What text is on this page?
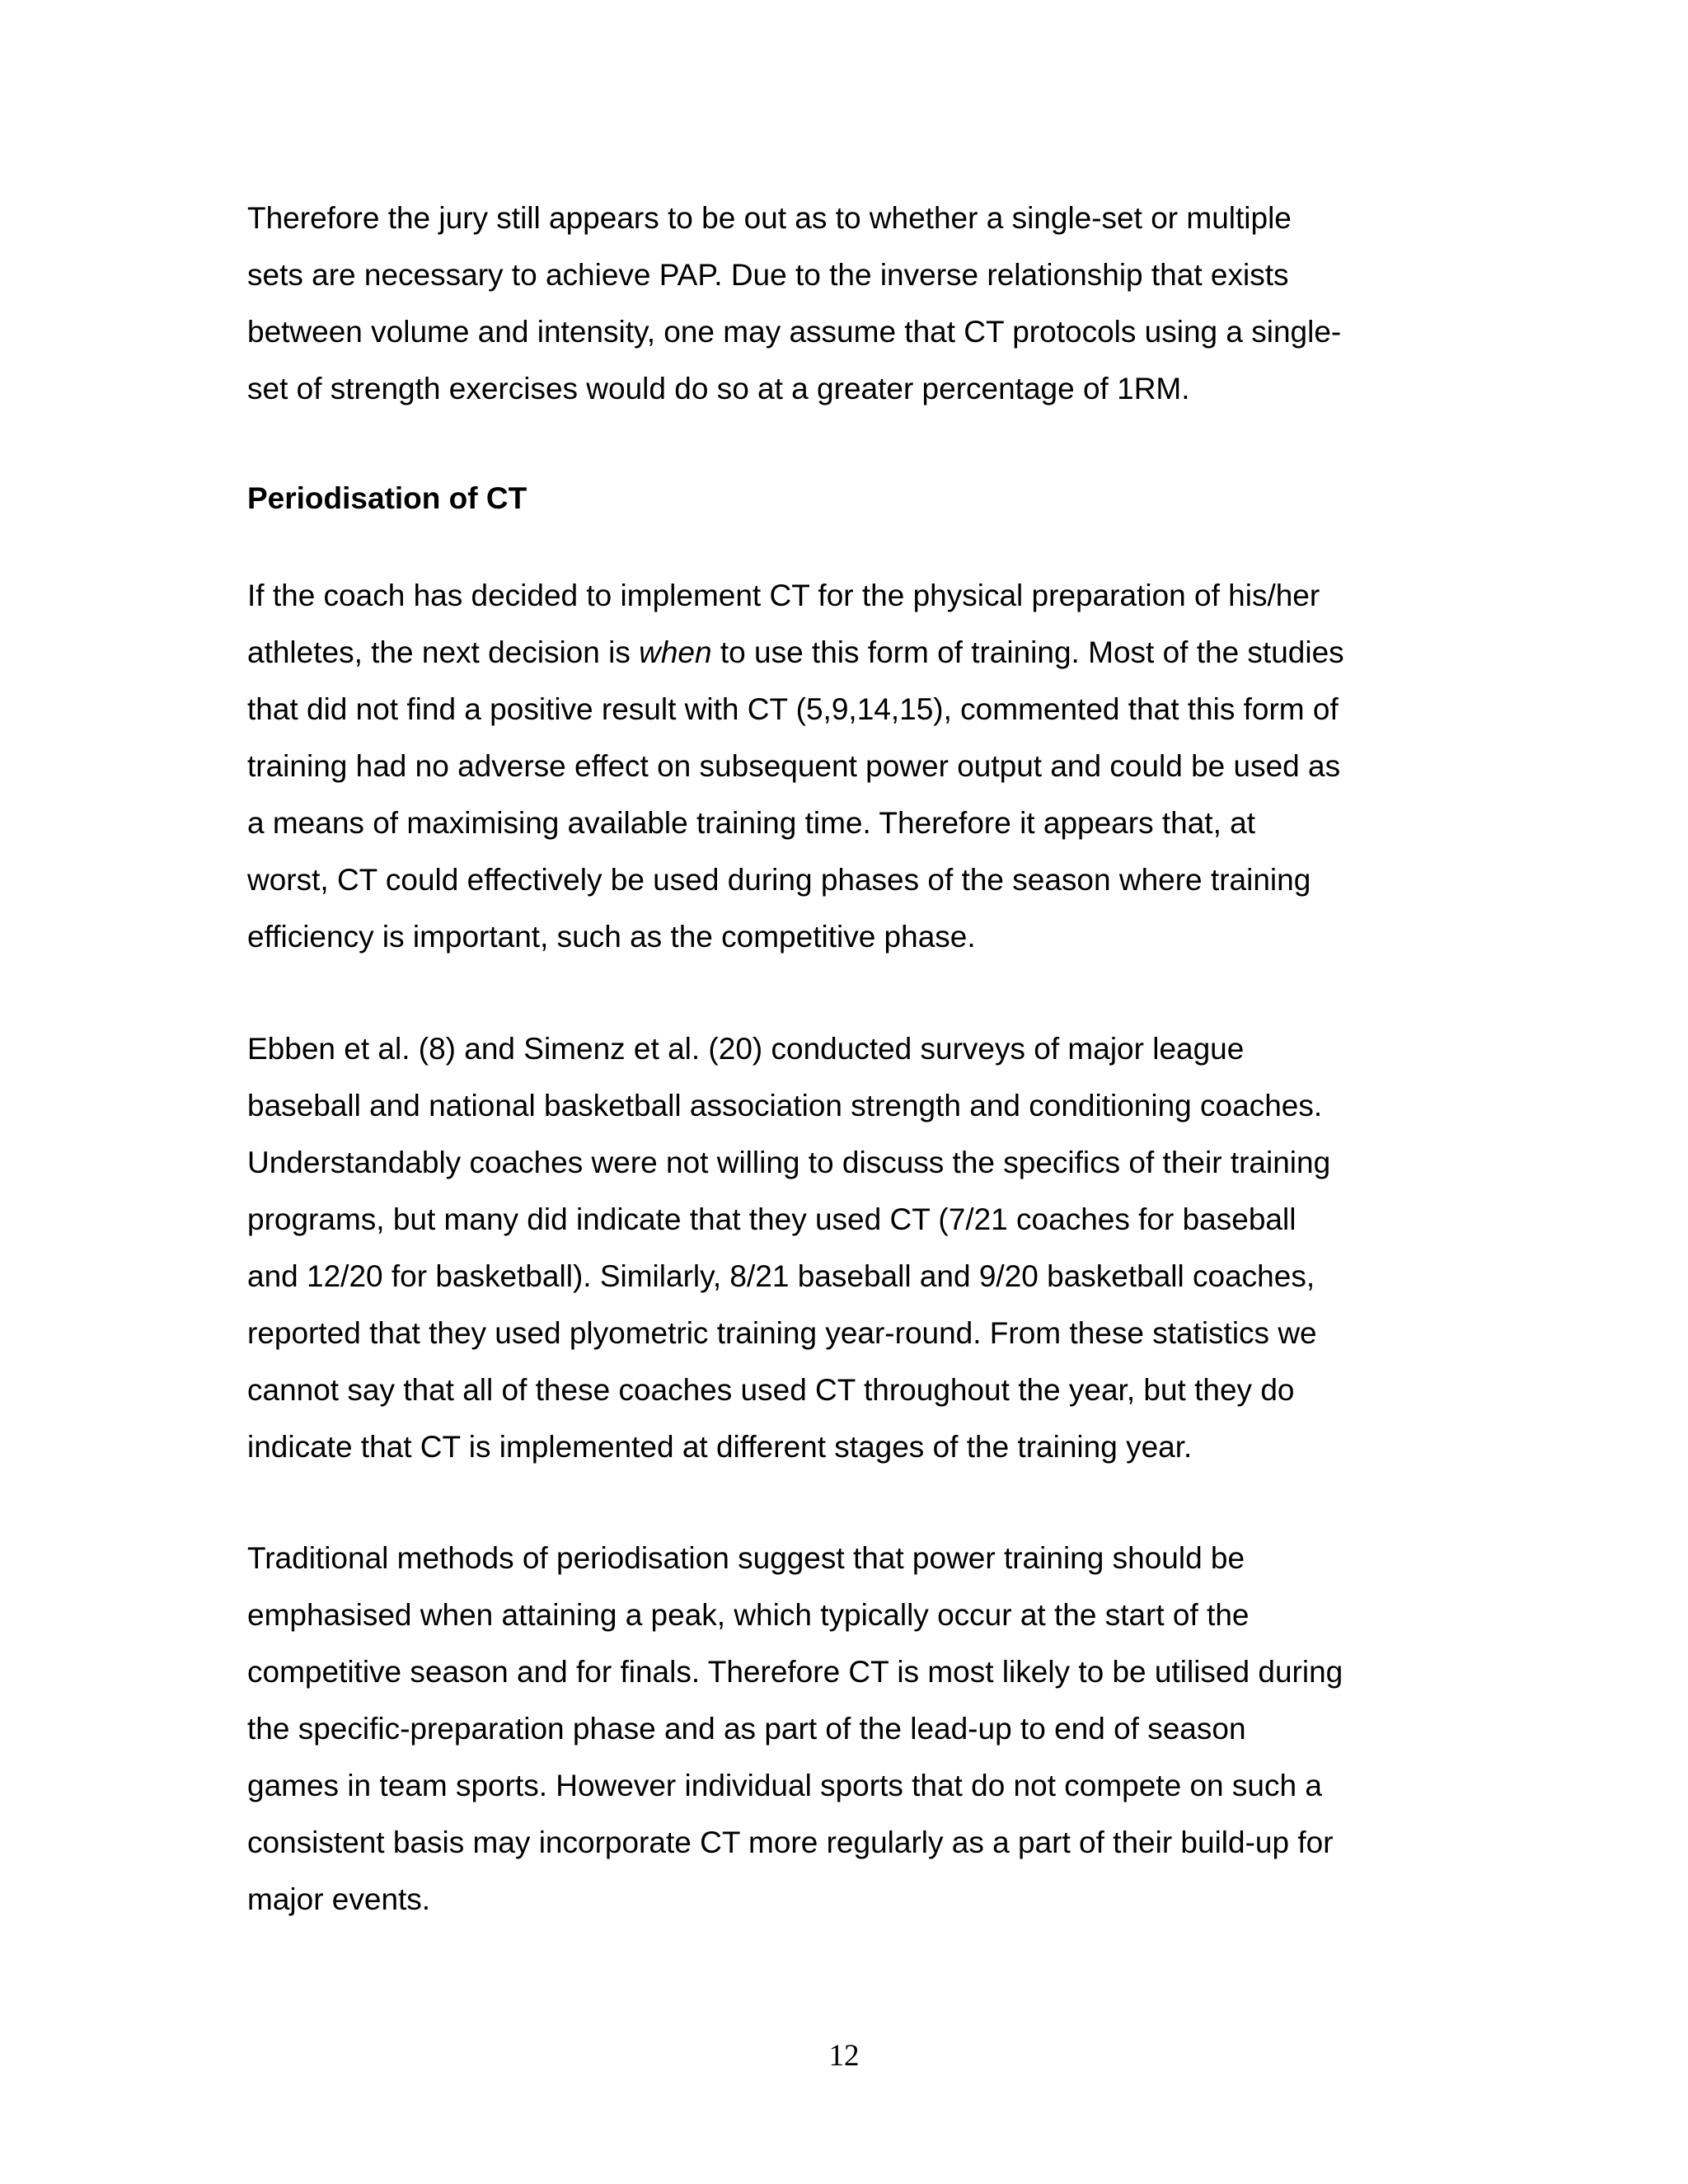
Therefore the jury still appears to be out as to whether a single-set or multiple

sets are necessary to achieve PAP. Due to the inverse relationship that exists

between volume and intensity, one may assume that CT protocols using a single-

set of strength exercises would do so at a greater percentage of 1RM.

Periodisation of CT

If the coach has decided to implement CT for the physical preparation of his/her

athletes, the next decision is when to use this form of training. Most of the studies

that did not find a positive result with CT (5,9,14,15), commented that this form of

training had no adverse effect on subsequent power output and could be used as

a means of maximising available training time. Therefore it appears that, at

worst, CT could effectively be used during phases of the season where training

efficiency is important, such as the competitive phase.

Ebben et al. (8) and Simenz et al. (20) conducted surveys of major league

baseball and national basketball association strength and conditioning coaches.

Understandably coaches were not willing to discuss the specifics of their training

programs, but many did indicate that they used CT (7/21 coaches for baseball

and 12/20 for basketball). Similarly, 8/21 baseball and 9/20 basketball coaches,

reported that they used plyometric training year-round. From these statistics we

cannot say that all of these coaches used CT throughout the year, but they do

indicate that CT is implemented at different stages of the training year.

Traditional methods of periodisation suggest that power training should be

emphasised when attaining a peak, which typically occur at the start of the

competitive season and for finals. Therefore CT is most likely to be utilised during

the specific-preparation phase and as part of the lead-up to end of season

games in team sports. However individual sports that do not compete on such a

consistent basis may incorporate CT more regularly as a part of their build-up for

major events.

12
